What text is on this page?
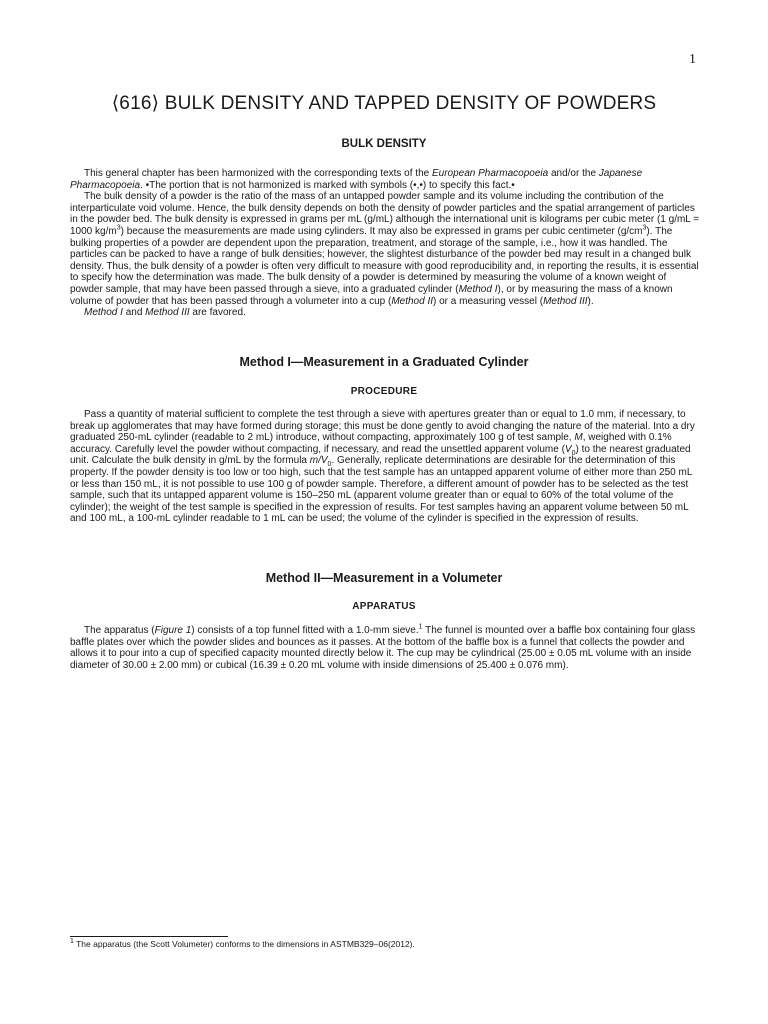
1
⟨616⟩ BULK DENSITY AND TAPPED DENSITY OF POWDERS
BULK DENSITY

This general chapter has been harmonized with the corresponding texts of the European Pharmacopoeia and/or the Japanese Pharmacopoeia. •The portion that is not harmonized is marked with symbols (•,•) to specify this fact.•

The bulk density of a powder is the ratio of the mass of an untapped powder sample and its volume including the contribution of the interparticulate void volume. Hence, the bulk density depends on both the density of powder particles and the spatial arrangement of particles in the powder bed. The bulk density is expressed in grams per mL (g/mL) although the international unit is kilograms per cubic meter (1 g/mL = 1000 $kg/m^3$) because the measurements are made using cylinders. It may also be expressed in grams per cubic centimeter $(g/cm^3)$. The bulking properties of a powder are dependent upon the preparation, treatment, and storage of the sample, i.e., how it was handled. The particles can be packed to have a range of bulk densities; however, the slightest disturbance of the powder bed may result in a changed bulk density. Thus, the bulk density of a powder is often very difficult to measure with good reproducibility and, in reporting the results, it is essential to specify how the determination was made. The bulk density of a powder is determined by measuring the volume of a known weight of powder sample, that may have been passed through a sieve, into a graduated cylinder (Method I), or by measuring the mass of a known volume of powder that has been passed through a volumeter into a cup (Method II) or a measuring vessel (Method III).

Method I and Method III are favored.

Method I—Measurement in a Graduated Cylinder
PROCEDURE

Pass a quantity of material sufficient to complete the test through a sieve with apertures greater than or equal to 1.0 mm, if necessary, to break up agglomerates that may have formed during storage; this must be done gently to avoid changing the nature of the material. Into a dry graduated 250-mL cylinder (readable to 2 mL) introduce, without compacting, approximately 100 g of test sample, M, weighed with 0.1% accuracy. Carefully level the powder without compacting, if necessary, and read the unsettled apparent volume $(V_0)$ to the nearest graduated unit. Calculate the bulk density in g/mL by the formula $m/V_0$. Generally, replicate determinations are desirable for the determination of this property. If the powder density is too low or too high, such that the test sample has an untapped apparent volume of either more than 250 mL or less than 150 mL, it is not possible to use 100 g of powder sample. Therefore, a different amount of powder has to be selected as the test sample, such that its untapped apparent volume is 150–250 mL (apparent volume greater than or equal to 60% of the total volume of the cylinder); the weight of the test sample is specified in the expression of results. For test samples having an apparent volume between 50 mL and 100 mL, a 100-mL cylinder readable to 1 mL can be used; the volume of the cylinder is specified in the expression of results.

Method II—Measurement in a Volumeter
APPARATUS

The apparatus (Figure 1) consists of a top funnel fitted with a 1.0-mm sieve.$^1$ The funnel is mounted over a baffle box containing four glass baffle plates over which the powder slides and bounces as it passes. At the bottom of the baffle box is a funnel that collects the powder and allows it to pour into a cup of specified capacity mounted directly below it. The cup may be cylindrical (25.00 ± 0.05 mL volume with an inside diameter of 30.00 ± 2.00 mm) or cubical (16.39 ± 0.20 mL volume with inside dimensions of 25.400 ± 0.076 mm).

$^1$ The apparatus (the Scott Volumeter) conforms to the dimensions in ASTMB329–06(2012).
